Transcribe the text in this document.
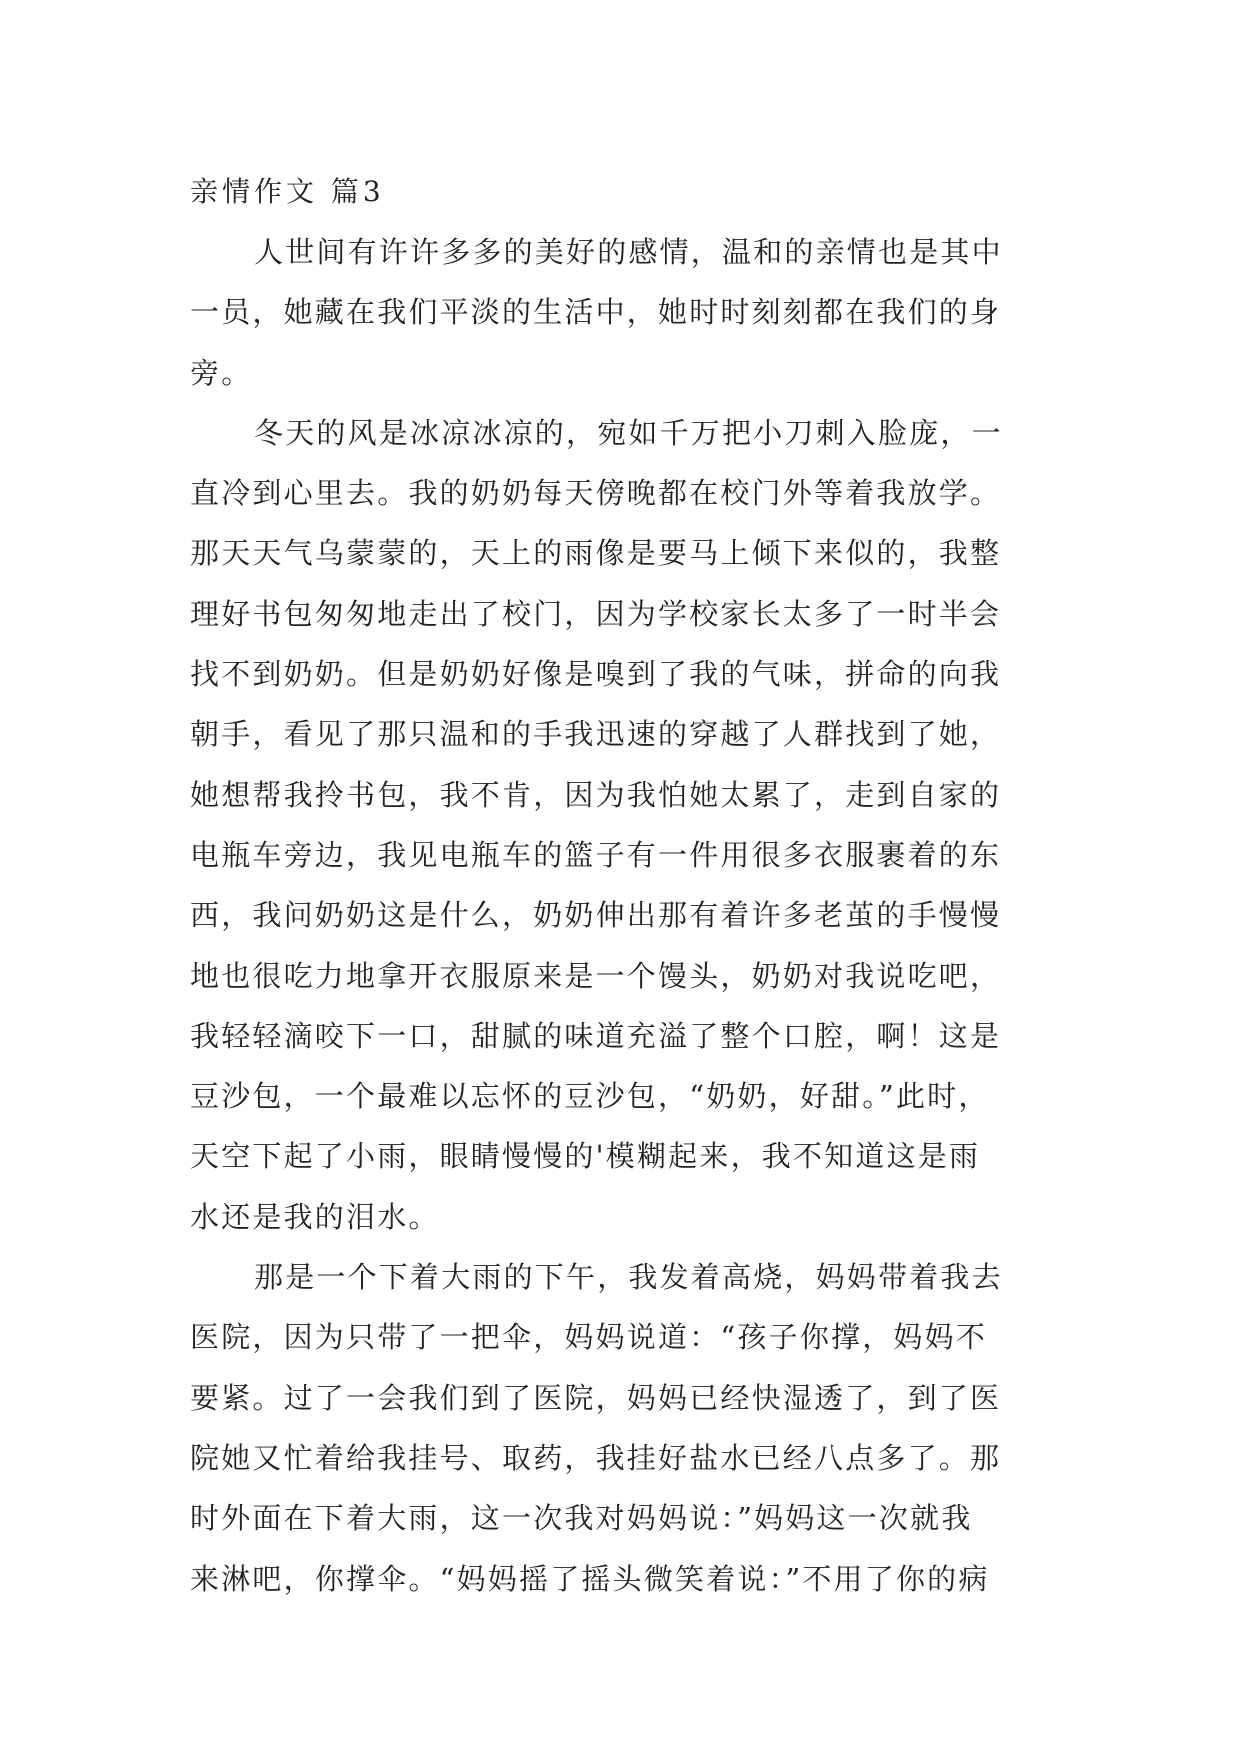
亲情作文 篇3

人世间有许许多多的美好的感情，温和的亲情也是其中
一员，她藏在我们平淡的生活中，她时时刻刻都在我们的身
旁。

冬天的风是冰凉冰凉的，宛如千万把小刀刺入脸庞，一
直冷到心里去。我的奶奶每天傍晚都在校门外等着我放学。
那天天气乌蒙蒙的，天上的雨像是要马上倾下来似的，我整
理好书包匆匆地走出了校门，因为学校家长太多了一时半会
找不到奶奶。但是奶奶好像是嗅到了我的气味，拼命的向我
朝手，看见了那只温和的手我迅速的穿越了人群找到了她，
她想帮我拎书包，我不肯，因为我怕她太累了，走到自家的
电瓶车旁边，我见电瓶车的篮子有一件用很多衣服裹着的东
西，我问奶奶这是什么，奶奶伸出那有着许多老茧的手慢慢
地也很吃力地拿开衣服原来是一个馒头，奶奶对我说吃吧，
我轻轻滴咬下一口，甜腻的味道充溢了整个口腔，啊！这是
豆沙包，一个最难以忘怀的豆沙包，“奶奶，好甜。”此时，
天空下起了小雨，眼睛慢慢的'模糊起来，我不知道这是雨
水还是我的泪水。

那是一个下着大雨的下午，我发着高烧，妈妈带着我去
医院，因为只带了一把伞，妈妈说道：“孩子你撑，妈妈不
要紧。过了一会我们到了医院，妈妈已经快湿透了，到了医
院她又忙着给我挂号、取药，我挂好盐水已经八点多了。那
时外面在下着大雨，这一次我对妈妈说：”妈妈这一次就我
来淋吧，你撑伞。“妈妈摇了摇头微笑着说：”不用了你的病
